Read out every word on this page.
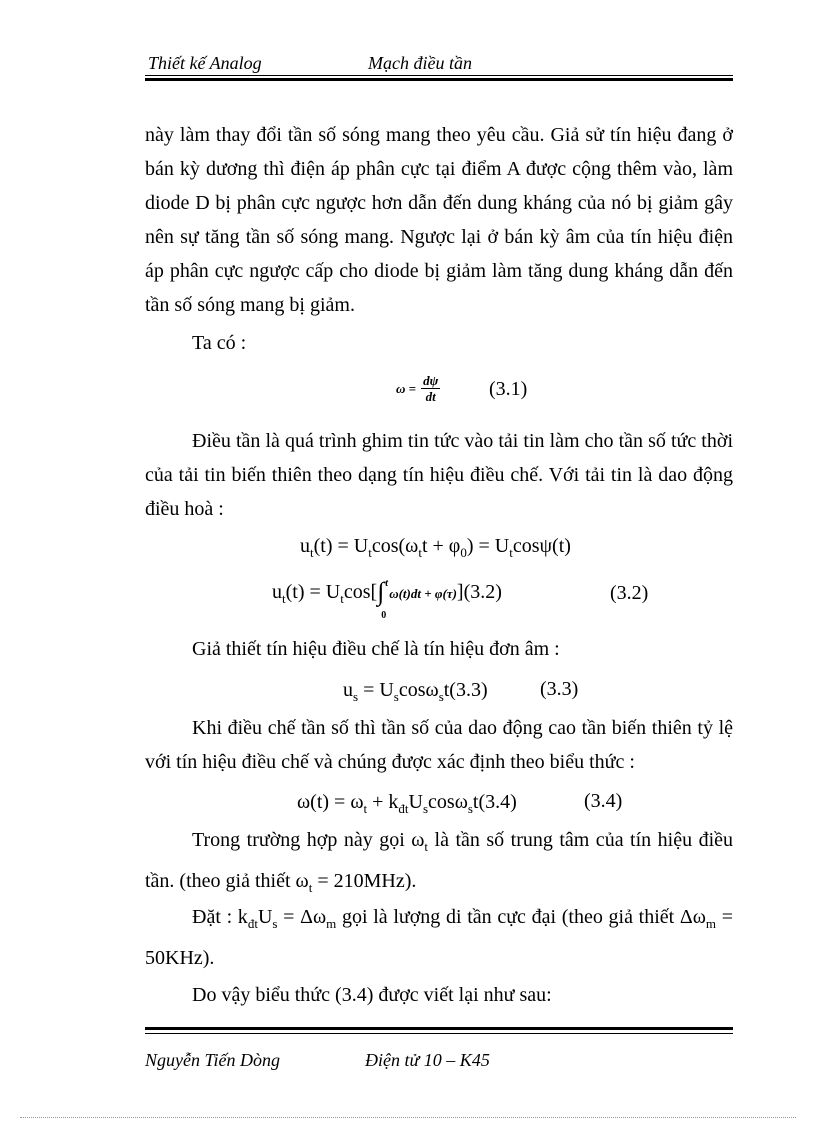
Thiết kế Analog	Mạch điều tần

này làm thay đổi tần số sóng mang theo yêu cầu. Giả sử tín hiệu đang ở bán kỳ dương thì điện áp phân cực tại điểm A được cộng thêm vào, làm diode D bị phân cực ngược hơn dẫn đến dung kháng của nó bị giảm gây nên sự tăng tần số sóng mang. Ngược lại ở bán kỳ âm của tín hiệu điện áp phân cực ngược cấp cho diode bị giảm làm tăng dung kháng dẫn đến tần số sóng mang bị giảm.

Ta có :

$\omega = \frac{d\psi}{dt} (3.1)$

Điều tần là quá trình ghim tin tức vào tải tin làm cho tần số tức thời của tải tin biến thiên theo dạng tín hiệu điều chế. Với tải tin là dao động điều hoà :

$u_t(t) = U_t\cos(\omega_tt + \varphi_0) = U_t\cos\psi(t)$
$u_t(t) = U_t\cos$[ ∫ t
0
ω(t)dt + φ(τ)](3.2)	(3.2)

Giả thiết tín hiệu điều chế là tín hiệu đơn âm :

$u_s = U_s\cos\omega_st(3.3)$	(3.3)

Khi điều chế tần số thì tần số của dao động cao tần biến thiên tỷ lệ với tín hiệu điều chế và chúng được xác định theo biểu thức :

$\omega(t) = \omega_t + k_{đt}U_s\cos\omega_st(3.4)$	(3.4)

Trong trường hợp này gọi $\omega_t$ là tần số trung tâm của tín hiệu điều tần. (theo giả thiết $\omega_t = 210MHz$).

Đặt : $k_{đt}U_s = \Delta\omega_m$ gọi là lượng di tần cực đại (theo giả thiết $\Delta\omega_m = 50KHz$).

Do vậy biểu thức (3.4) được viết lại như sau:

Nguyễn Tiến Dòng	Điện tử 10 – K45
